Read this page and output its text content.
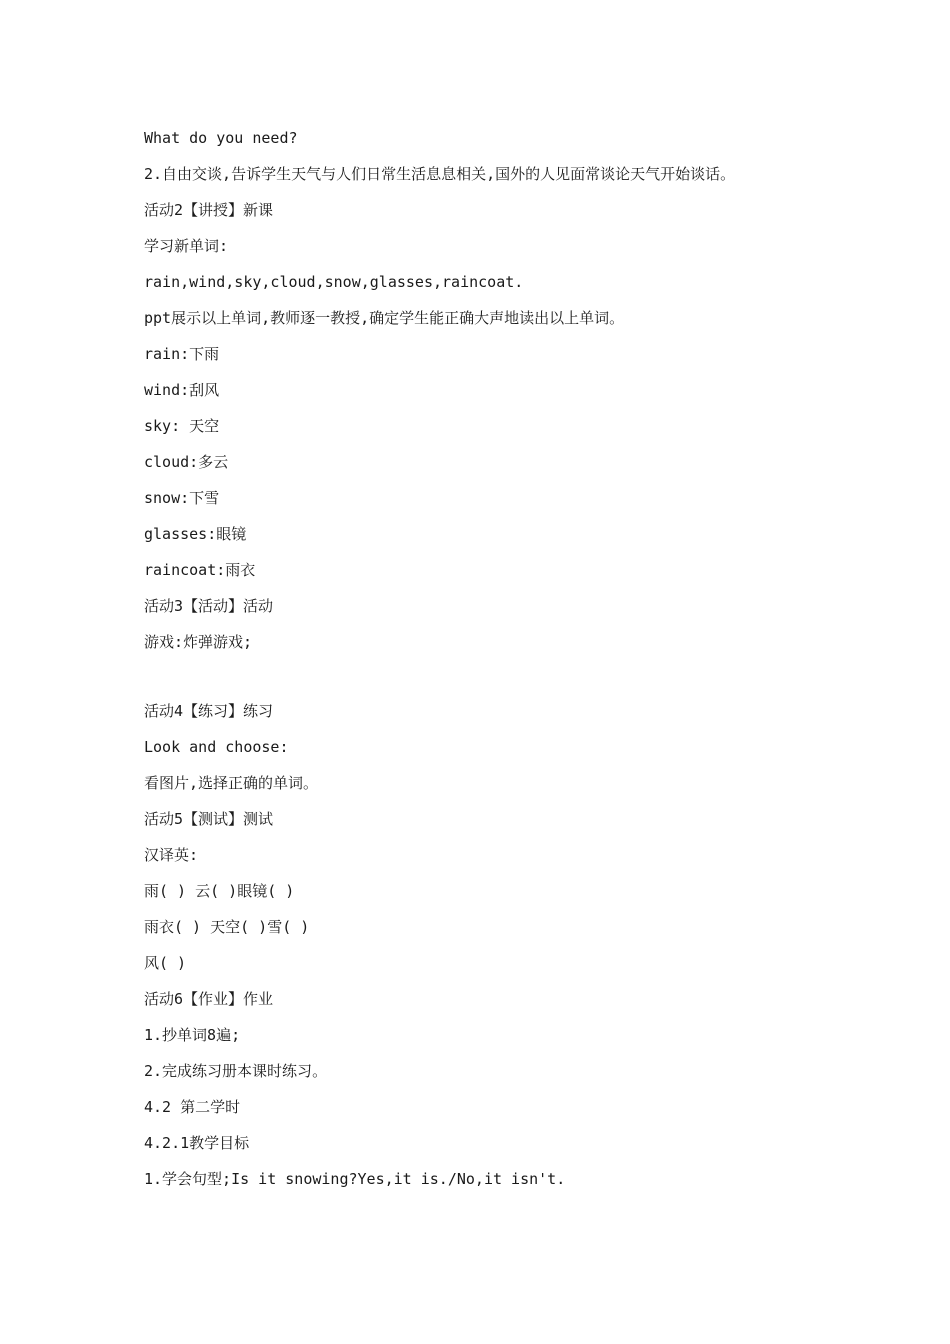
What do you need?
2.自由交谈,告诉学生天气与人们日常生活息息相关,国外的人见面常谈论天气开始谈话。
活动2【讲授】新课
学习新单词:
rain,wind,sky,cloud,snow,glasses,raincoat.
ppt展示以上单词,教师逐一教授,确定学生能正确大声地读出以上单词。
rain:下雨
wind:刮风
sky: 天空
cloud:多云
snow:下雪
glasses:眼镜
raincoat:雨衣
活动3【活动】活动
游戏:炸弹游戏;
活动4【练习】练习
Look and choose:
看图片,选择正确的单词。
活动5【测试】测试
汉译英:
雨( ) 云( )眼镜( )
雨衣( ) 天空( )雪( )
风( )
活动6【作业】作业
1.抄单词8遍;
2.完成练习册本课时练习。
4.2 第二学时
4.2.1教学目标
1.学会句型;Is it snowing?Yes,it is./No,it isn't.
